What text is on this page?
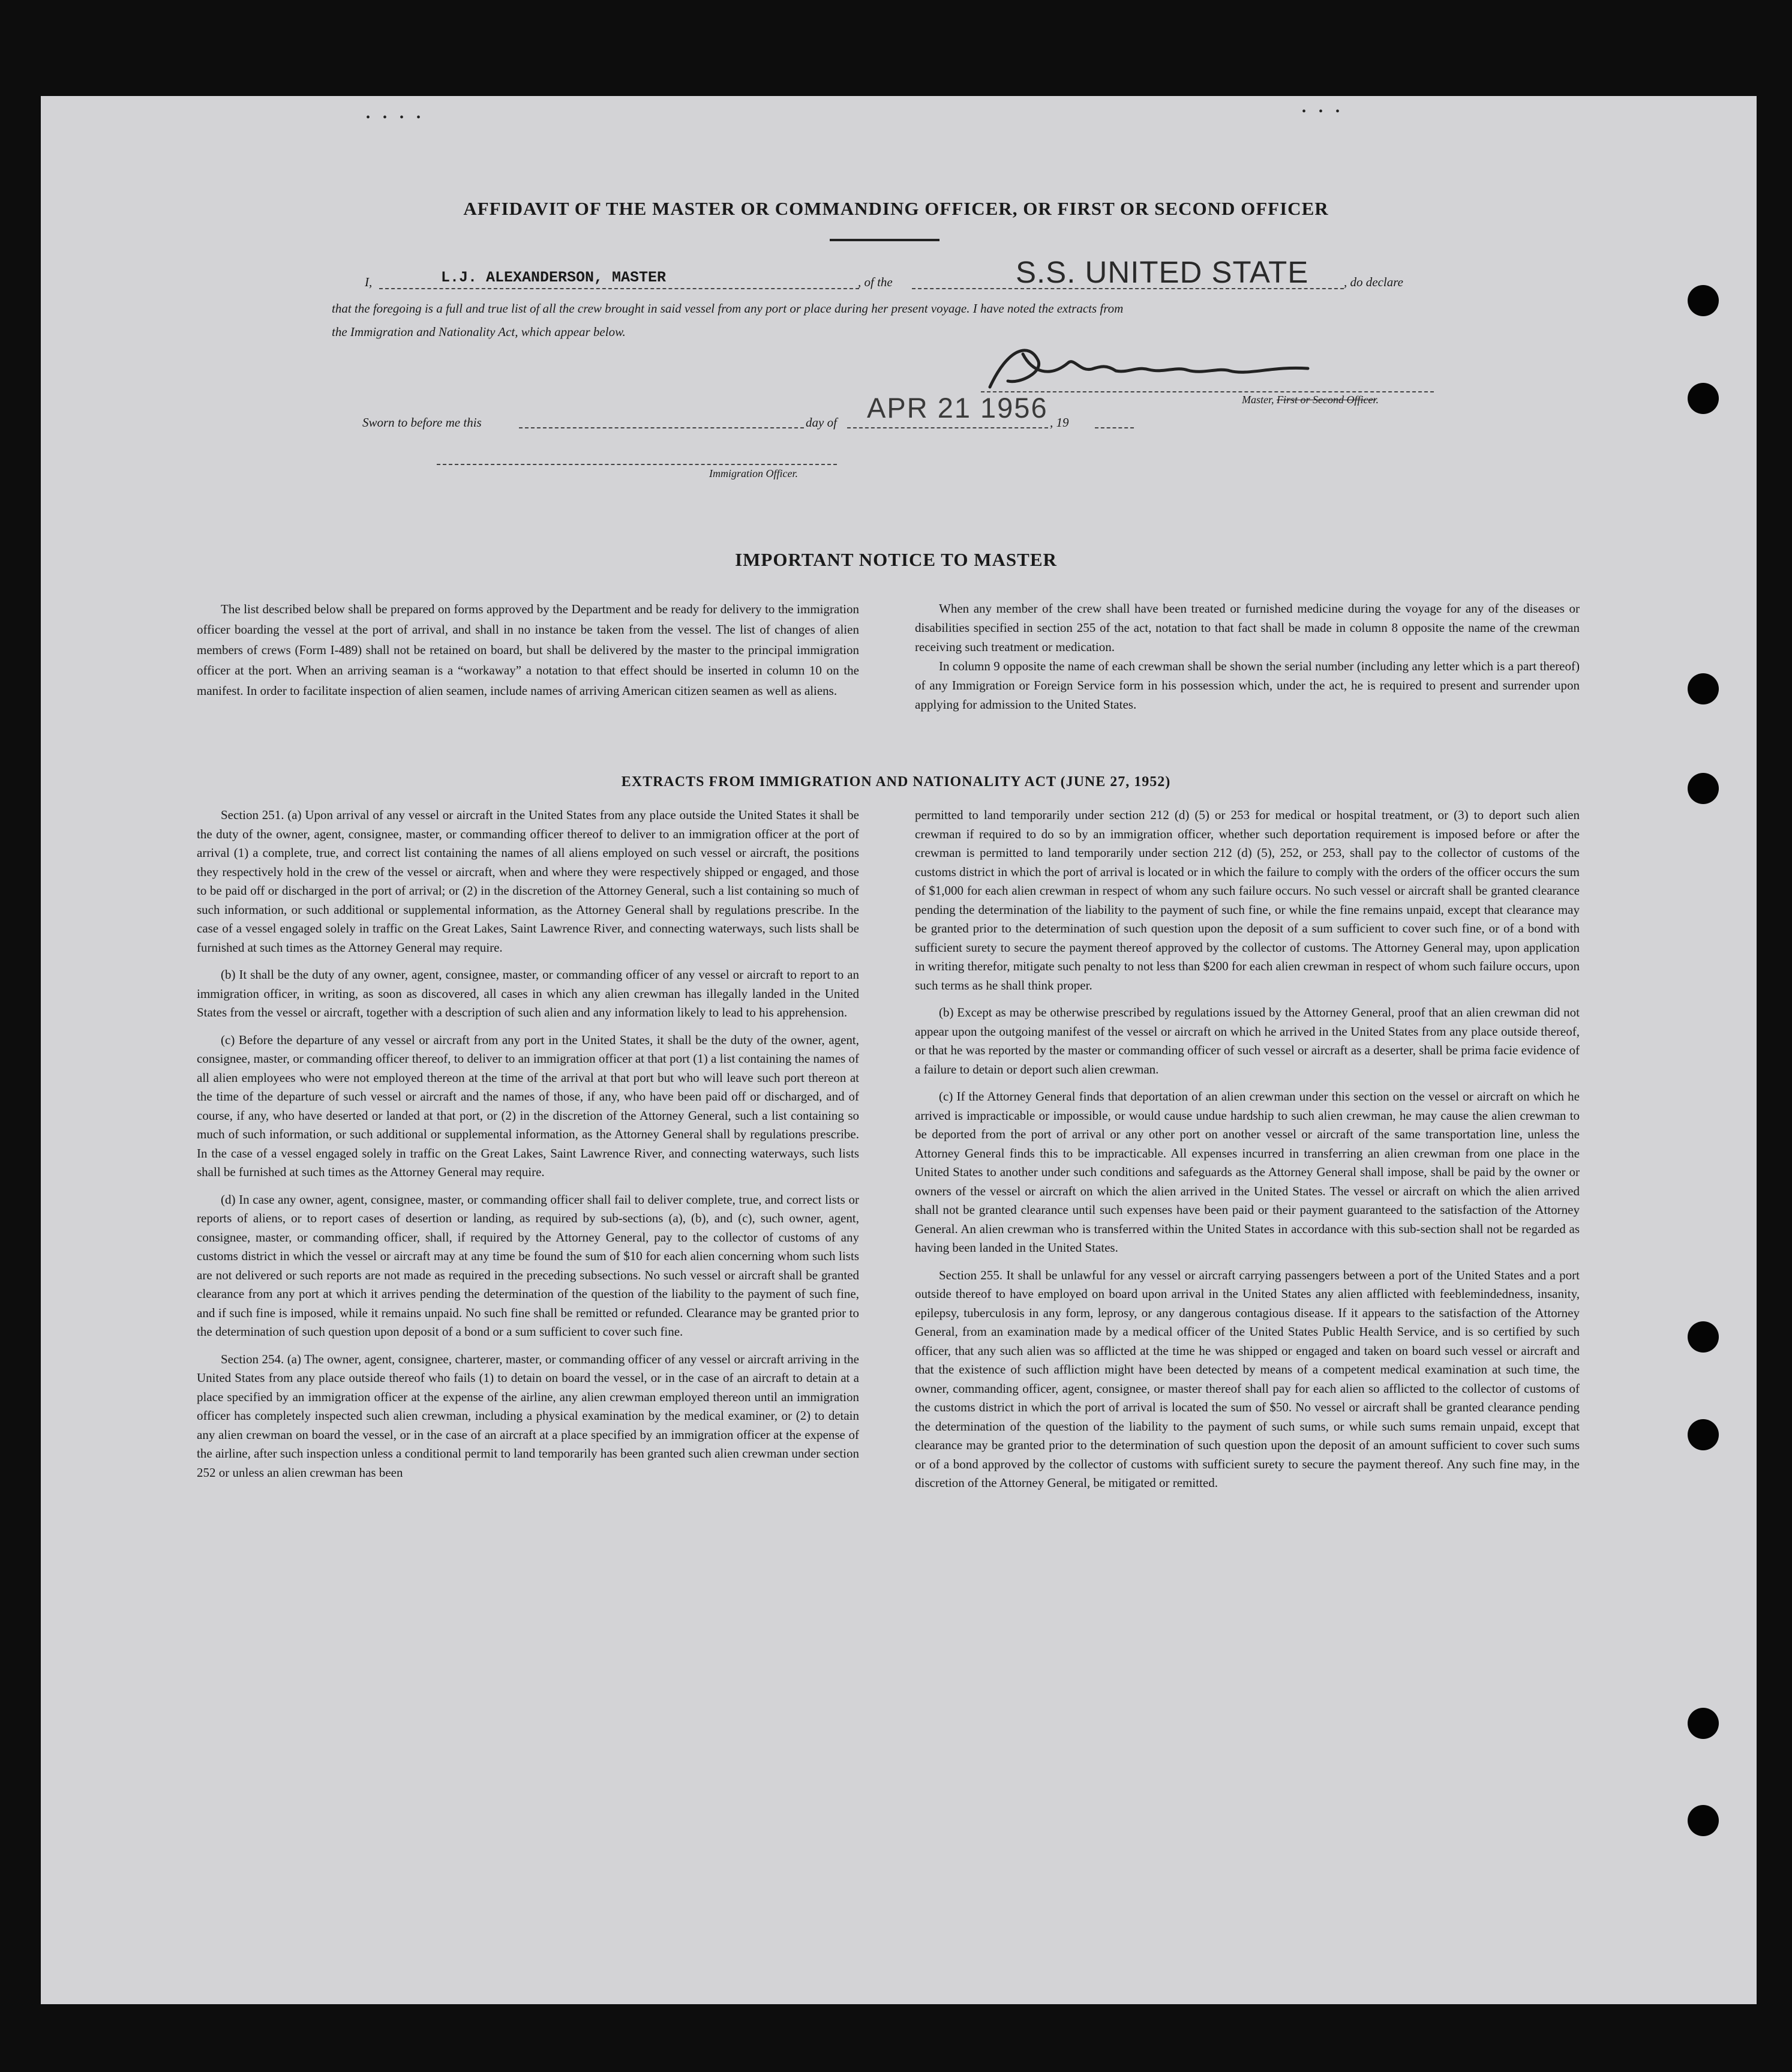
• • • •	• • •
AFFIDAVIT OF THE MASTER OR COMMANDING OFFICER, OR FIRST OR SECOND OFFICER
I,	L.J. ALEXANDERSON, MASTER	, of the	S.S. UNITED STATE	, do declare
that the foregoing is a full and true list of all the crew brought in said vessel from any port or place during her present voyage. I have noted the extracts from
the Immigration and Nationality Act, which appear below.
Master, First or Second Officer.
Sworn to before me this	day of APR 21 1956 , 19
Immigration Officer.
IMPORTANT NOTICE TO MASTER

The list described below shall be prepared on forms approved by the Department and be ready for delivery to the immigration officer boarding the vessel at the port of arrival, and shall in no instance be taken from the vessel. The list of changes of alien members of crews (Form I-489) shall not be retained on board, but shall be delivered by the master to the principal immigration officer at the port. When an arriving seaman is a “workaway” a notation to that effect should be inserted in column 10 on the manifest. In order to facilitate inspection of alien seamen, include names of arriving American citizen seamen as well as aliens.

When any member of the crew shall have been treated or furnished medicine during the voyage for any of the diseases or disabilities specified in section 255 of the act, notation to that fact shall be made in column 8 opposite the name of the crewman receiving such treatment or medication.

In column 9 opposite the name of each crewman shall be shown the serial number (including any letter which is a part thereof) of any Immigration or Foreign Service form in his possession which, under the act, he is required to present and surrender upon applying for admission to the United States.

EXTRACTS FROM IMMIGRATION AND NATIONALITY ACT (JUNE 27, 1952)

Section 251. (a) Upon arrival of any vessel or aircraft in the United States from any place outside the United States it shall be the duty of the owner, agent, consignee, master, or commanding officer thereof to deliver to an immigration officer at the port of arrival (1) a complete, true, and correct list containing the names of all aliens employed on such vessel or aircraft, the positions they respectively hold in the crew of the vessel or aircraft, when and where they were respectively shipped or engaged, and those to be paid off or discharged in the port of arrival; or (2) in the discretion of the Attorney General, such a list containing so much of such information, or such additional or supplemental information, as the Attorney General shall by regulations prescribe. In the case of a vessel engaged solely in traffic on the Great Lakes, Saint Lawrence River, and connecting waterways, such lists shall be furnished at such times as the Attorney General may require.

(b) It shall be the duty of any owner, agent, consignee, master, or commanding officer of any vessel or aircraft to report to an immigration officer, in writing, as soon as discovered, all cases in which any alien crewman has illegally landed in the United States from the vessel or aircraft, together with a description of such alien and any information likely to lead to his apprehension.

(c) Before the departure of any vessel or aircraft from any port in the United States, it shall be the duty of the owner, agent, consignee, master, or commanding officer thereof, to deliver to an immigration officer at that port (1) a list containing the names of all alien employees who were not employed thereon at the time of the arrival at that port but who will leave such port thereon at the time of the departure of such vessel or aircraft and the names of those, if any, who have been paid off or discharged, and of course, if any, who have deserted or landed at that port, or (2) in the discretion of the Attorney General, such a list containing so much of such information, or such additional or supplemental information, as the Attorney General shall by regulations prescribe. In the case of a vessel engaged solely in traffic on the Great Lakes, Saint Lawrence River, and connecting waterways, such lists shall be furnished at such times as the Attorney General may require.

(d) In case any owner, agent, consignee, master, or commanding officer shall fail to deliver complete, true, and correct lists or reports of aliens, or to report cases of desertion or landing, as required by sub-sections (a), (b), and (c), such owner, agent, consignee, master, or commanding officer, shall, if required by the Attorney General, pay to the collector of customs of any customs district in which the vessel or aircraft may at any time be found the sum of $10 for each alien concerning whom such lists are not delivered or such reports are not made as required in the preceding subsections. No such vessel or aircraft shall be granted clearance from any port at which it arrives pending the determination of the question of the liability to the payment of such fine, and if such fine is imposed, while it remains unpaid. No such fine shall be remitted or refunded. Clearance may be granted prior to the determination of such question upon deposit of a bond or a sum sufficient to cover such fine.

Section 254. (a) The owner, agent, consignee, charterer, master, or commanding officer of any vessel or aircraft arriving in the United States from any place outside thereof who fails (1) to detain on board the vessel, or in the case of an aircraft to detain at a place specified by an immigration officer at the expense of the airline, any alien crewman employed thereon until an immigration officer has completely inspected such alien crewman, including a physical examination by the medical examiner, or (2) to detain any alien crewman on board the vessel, or in the case of an aircraft at a place specified by an immigration officer at the expense of the airline, after such inspection unless a conditional permit to land temporarily has been granted such alien crewman under section 252 or unless an alien crewman has been

permitted to land temporarily under section 212 (d) (5) or 253 for medical or hospital treatment, or (3) to deport such alien crewman if required to do so by an immigration officer, whether such deportation requirement is imposed before or after the crewman is permitted to land temporarily under section 212 (d) (5), 252, or 253, shall pay to the collector of customs of the customs district in which the port of arrival is located or in which the failure to comply with the orders of the officer occurs the sum of $1,000 for each alien crewman in respect of whom any such failure occurs. No such vessel or aircraft shall be granted clearance pending the determination of the liability to the payment of such fine, or while the fine remains unpaid, except that clearance may be granted prior to the determination of such question upon the deposit of a sum sufficient to cover such fine, or of a bond with sufficient surety to secure the payment thereof approved by the collector of customs. The Attorney General may, upon application in writing therefor, mitigate such penalty to not less than $200 for each alien crewman in respect of whom such failure occurs, upon such terms as he shall think proper.

(b) Except as may be otherwise prescribed by regulations issued by the Attorney General, proof that an alien crewman did not appear upon the outgoing manifest of the vessel or aircraft on which he arrived in the United States from any place outside thereof, or that he was reported by the master or commanding officer of such vessel or aircraft as a deserter, shall be prima facie evidence of a failure to detain or deport such alien crewman.

(c) If the Attorney General finds that deportation of an alien crewman under this section on the vessel or aircraft on which he arrived is impracticable or impossible, or would cause undue hardship to such alien crewman, he may cause the alien crewman to be deported from the port of arrival or any other port on another vessel or aircraft of the same transportation line, unless the Attorney General finds this to be impracticable. All expenses incurred in transferring an alien crewman from one place in the United States to another under such conditions and safeguards as the Attorney General shall impose, shall be paid by the owner or owners of the vessel or aircraft on which the alien arrived in the United States. The vessel or aircraft on which the alien arrived shall not be granted clearance until such expenses have been paid or their payment guaranteed to the satisfaction of the Attorney General. An alien crewman who is transferred within the United States in accordance with this sub-section shall not be regarded as having been landed in the United States.

Section 255. It shall be unlawful for any vessel or aircraft carrying passengers between a port of the United States and a port outside thereof to have employed on board upon arrival in the United States any alien afflicted with feeblemindedness, insanity, epilepsy, tuberculosis in any form, leprosy, or any dangerous contagious disease. If it appears to the satisfaction of the Attorney General, from an examination made by a medical officer of the United States Public Health Service, and is so certified by such officer, that any such alien was so afflicted at the time he was shipped or engaged and taken on board such vessel or aircraft and that the existence of such affliction might have been detected by means of a competent medical examination at such time, the owner, commanding officer, agent, consignee, or master thereof shall pay for each alien so afflicted to the collector of customs of the customs district in which the port of arrival is located the sum of $50. No vessel or aircraft shall be granted clearance pending the determination of the question of the liability to the payment of such sums, or while such sums remain unpaid, except that clearance may be granted prior to the determination of such question upon the deposit of an amount sufficient to cover such sums or of a bond approved by the collector of customs with sufficient surety to secure the payment thereof. Any such fine may, in the discretion of the Attorney General, be mitigated or remitted.
